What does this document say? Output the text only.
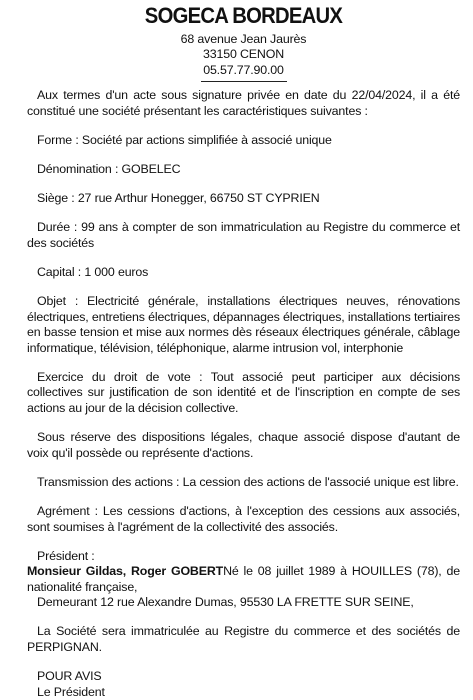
SOGECA BORDEAUX
68 avenue Jean Jaurès
33150 CENON
05.57.77.90.00

Aux termes d'un acte sous signature privée en date du 22/04/2024, il a été constitué une société présentant les caractéristiques suivantes :

Forme : Société par actions simplifiée à associé unique

Dénomination : GOBELEC

Siège : 27 rue Arthur Honegger, 66750 ST CYPRIEN

Durée : 99 ans à compter de son immatriculation au Registre du commerce et des sociétés

Capital : 1 000 euros

Objet : Electricité générale, installations électriques neuves, rénovations électriques, entretiens électriques, dépannages électriques, installations tertiaires en basse tension et mise aux normes dès réseaux électriques générale, câblage informatique, télévision, téléphonique, alarme intrusion vol, interphonie

Exercice du droit de vote : Tout associé peut participer aux décisions collectives sur justification de son identité et de l'inscription en compte de ses actions au jour de la décision collective.

Sous réserve des dispositions légales, chaque associé dispose d'autant de voix qu'il possède ou représente d'actions.

Transmission des actions : La cession des actions de l'associé unique est libre.

Agrément : Les cessions d'actions, à l'exception des cessions aux associés, sont soumises à l'agrément de la collectivité des associés.

Président :

Monsieur Gildas, Roger GOBERTNé le 08 juillet 1989 à HOUILLES (78), de nationalité française,

Demeurant 12 rue Alexandre Dumas, 95530 LA FRETTE SUR SEINE,

La Société sera immatriculée au Registre du commerce et des sociétés de PERPIGNAN.

POUR AVIS

Le Président
